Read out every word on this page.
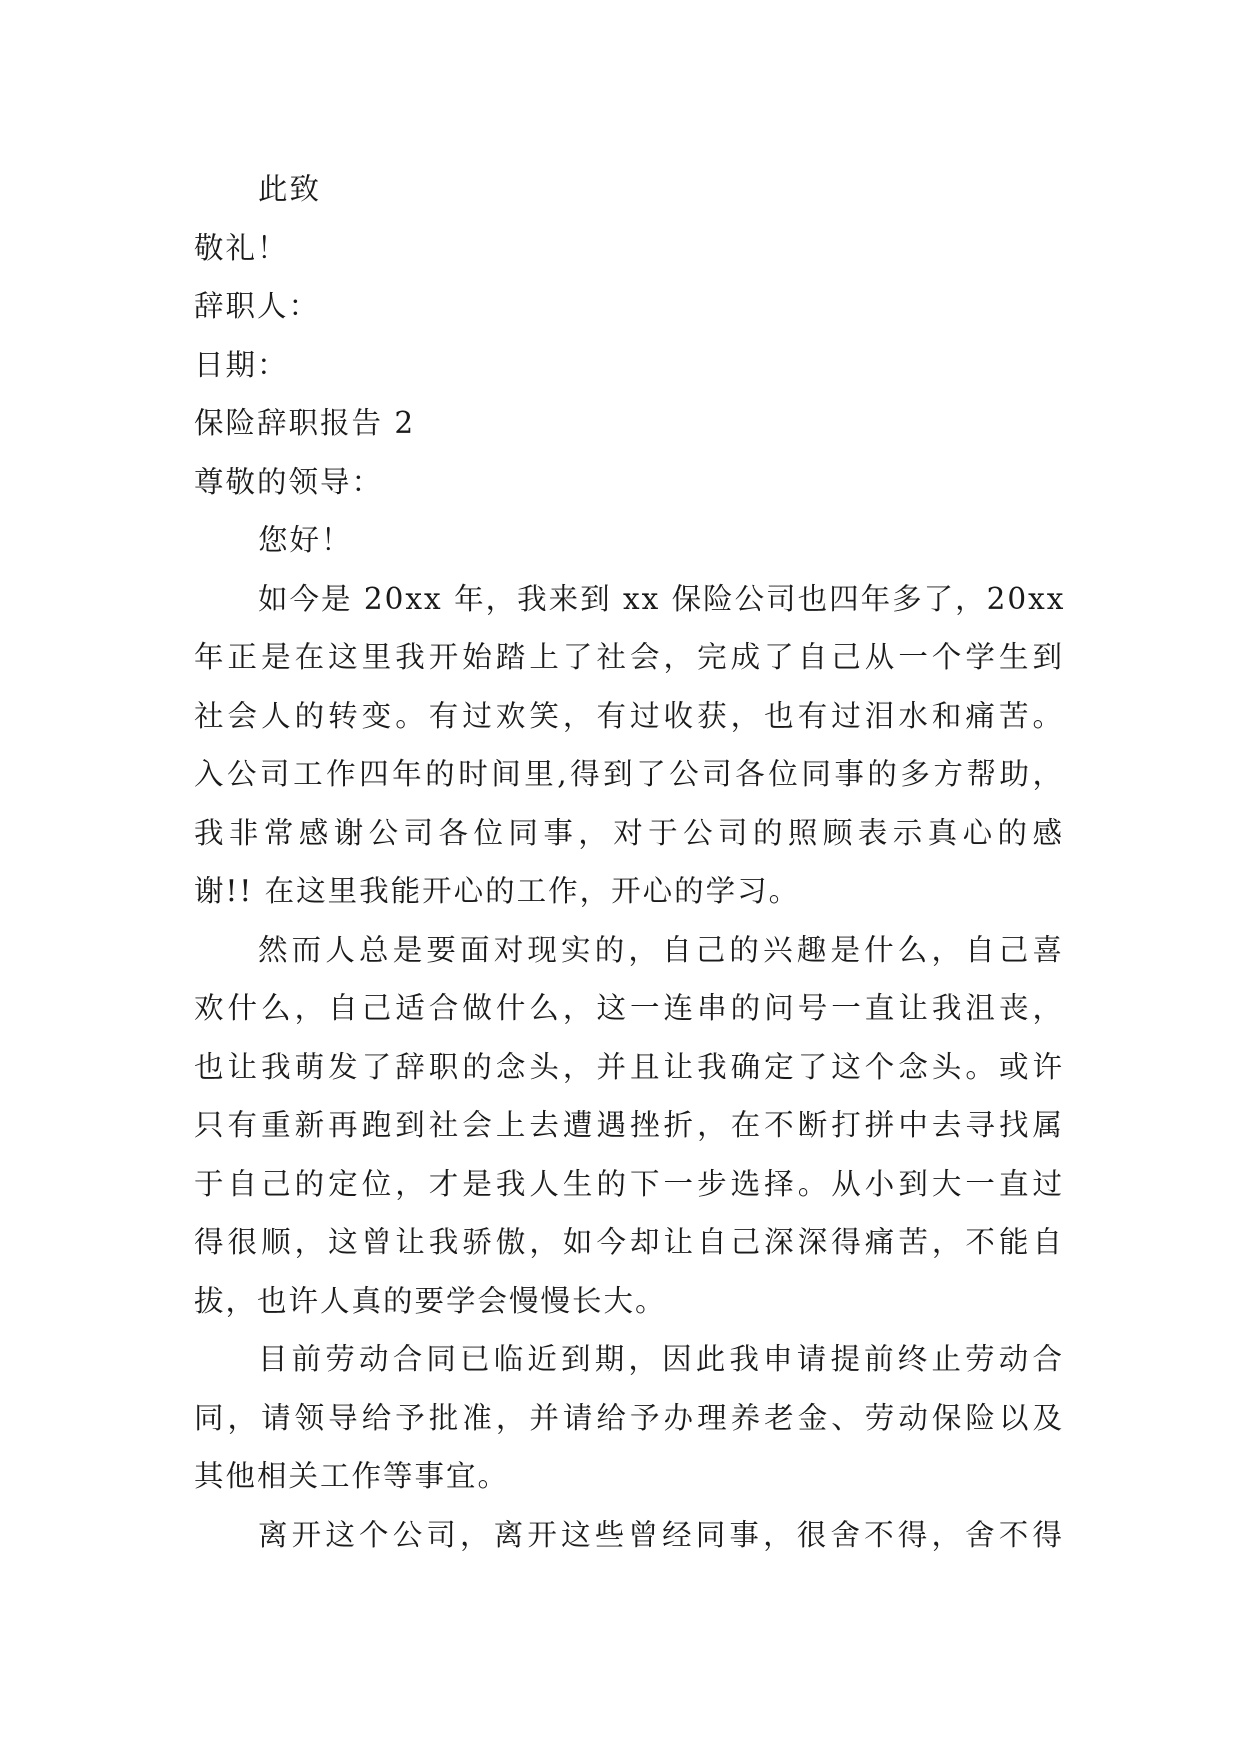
此致
敬礼！
辞职人：
日期：
保险辞职报告 2
尊敬的领导：
您好！
如今是 20xx 年，我来到 xx 保险公司也四年多了，20xx
年正是在这里我开始踏上了社会，完成了自己从一个学生到
社会人的转变。有过欢笑，有过收获，也有过泪水和痛苦。
入公司工作四年的时间里,得到了公司各位同事的多方帮助，
我非常感谢公司各位同事，对于公司的照顾表示真心的感
谢!! 在这里我能开心的工作，开心的学习。
然而人总是要面对现实的，自己的兴趣是什么，自己喜
欢什么，自己适合做什么，这一连串的问号一直让我沮丧，
也让我萌发了辞职的念头，并且让我确定了这个念头。或许
只有重新再跑到社会上去遭遇挫折，在不断打拼中去寻找属
于自己的定位，才是我人生的下一步选择。从小到大一直过
得很顺，这曾让我骄傲，如今却让自己深深得痛苦，不能自
拔，也许人真的要学会慢慢长大。
目前劳动合同已临近到期，因此我申请提前终止劳动合
同，请领导给予批准，并请给予办理养老金、劳动保险以及
其他相关工作等事宜。
离开这个公司，离开这些曾经同事，很舍不得，舍不得
